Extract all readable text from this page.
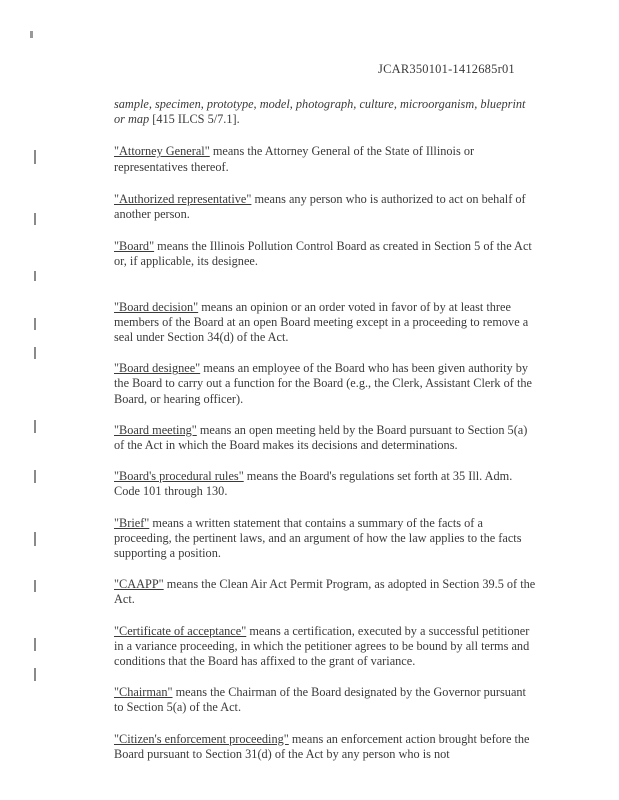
JCAR350101-1412685r01

sample, specimen, prototype, model, photograph, culture, microorganism, blueprint or map [415 ILCS 5/7.1].

"Attorney General" means the Attorney General of the State of Illinois or representatives thereof.

"Authorized representative" means any person who is authorized to act on behalf of another person.

"Board" means the Illinois Pollution Control Board as created in Section 5 of the Act or, if applicable, its designee.

"Board decision" means an opinion or an order voted in favor of by at least three members of the Board at an open Board meeting except in a proceeding to remove a seal under Section 34(d) of the Act.

"Board designee" means an employee of the Board who has been given authority by the Board to carry out a function for the Board (e.g., the Clerk, Assistant Clerk of the Board, or hearing officer).

"Board meeting" means an open meeting held by the Board pursuant to Section 5(a) of the Act in which the Board makes its decisions and determinations.

"Board's procedural rules" means the Board's regulations set forth at 35 Ill. Adm. Code 101 through 130.

"Brief" means a written statement that contains a summary of the facts of a proceeding, the pertinent laws, and an argument of how the law applies to the facts supporting a position.

"CAAPP" means the Clean Air Act Permit Program, as adopted in Section 39.5 of the Act.

"Certificate of acceptance" means a certification, executed by a successful petitioner in a variance proceeding, in which the petitioner agrees to be bound by all terms and conditions that the Board has affixed to the grant of variance.

"Chairman" means the Chairman of the Board designated by the Governor pursuant to Section 5(a) of the Act.

"Citizen's enforcement proceeding" means an enforcement action brought before the Board pursuant to Section 31(d) of the Act by any person who is not
